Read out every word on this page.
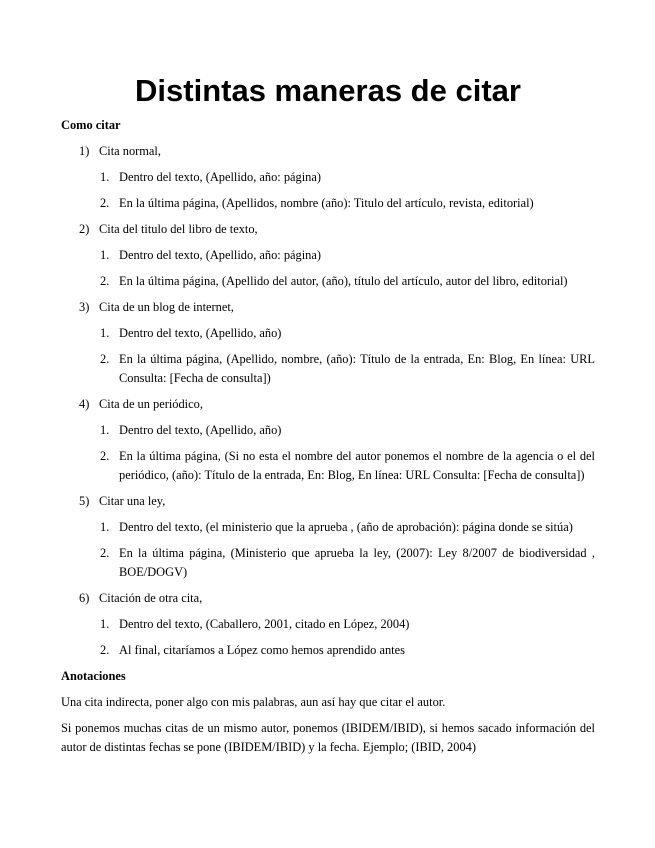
Distintas maneras de citar
Como citar
1) Cita normal,
1. Dentro del texto, (Apellido, año: página)
2. En la última página, (Apellidos, nombre (año): Titulo del artículo, revista, editorial)
2) Cita del titulo del libro de texto,
1. Dentro del texto, (Apellido, año: página)
2. En la última página, (Apellido del autor, (año), título del artículo, autor del libro, editorial)
3) Cita de un blog de internet,
1. Dentro del texto, (Apellido, año)
2. En la última página, (Apellido, nombre, (año): Título de la entrada, En: Blog, En línea: URL Consulta: [Fecha de consulta])
4) Cita de un periódico,
1. Dentro del texto, (Apellido, año)
2. En la última página, (Si no esta el nombre del autor ponemos el nombre de la agencia o el del periódico, (año): Título de la entrada, En: Blog, En línea: URL Consulta: [Fecha de consulta])
5) Citar una ley,
1. Dentro del texto, (el ministerio que la aprueba , (año de aprobación): página donde se sitúa)
2. En la última página, (Ministerio que aprueba la ley, (2007): Ley 8/2007 de biodiversidad , BOE/DOGV)
6) Citación de otra cita,
1. Dentro del texto, (Caballero, 2001, citado en López, 2004)
2. Al final, citaríamos a López como hemos aprendido antes
Anotaciones

Una cita indirecta, poner algo con mis palabras, aun así hay que citar el autor.

Si ponemos muchas citas de un mismo autor, ponemos (IBIDEM/IBID), si hemos sacado información del autor de distintas fechas se pone (IBIDEM/IBID) y la fecha. Ejemplo; (IBID, 2004)
